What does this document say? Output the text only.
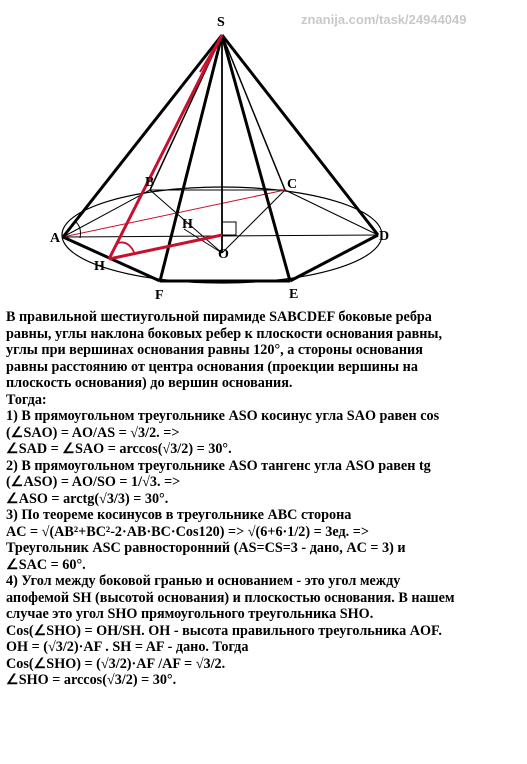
znanija.com/task/24944049
S
B	C
A	D
H
O
H
F	E

В правильной шестиугольной пирамиде SABCDEF боковые ребра

равны, углы наклона боковых ребер к плоскости основания равны,

углы при вершинах основания равны 120°, а стороны основания

равны расстоянию от центра основания (проекции вершины на

плоскость основания) до вершин основания.

Тогда:

1) В прямоугольном треугольнике ASO косинус угла SAO равен cos

(∠SAO) = AO/AS = √3/2. =>

∠SAD = ∠SAO = arccos(√3/2) = 30°.

2) В прямоугольном треугольнике ASO тангенс угла ASO равен tg

(∠ASO) = AO/SO = 1/√3. =>

∠ASO = arctg(√3/3) = 30°.

3) По теореме косинусов в треугольнике ABC сторона

AC = √(AB²+BC²-2·AB·BC·Cos120) => √(6+6·1/2) = 3ед. =>

Треугольник ASC равносторонний (AS=CS=3 - дано, AC = 3) и

∠SAC = 60°.

4) Угол между боковой гранью и основанием - это угол между

апофемой SH (высотой основания) и плоскостью основания. В нашем

случае это угол SHO прямоугольного треугольника SHO.

Cos(∠SHO) = OH/SH. OH - высота правильного треугольника AOF.

OH = (√3/2)·AF . SH = AF - дано. Тогда

Cos(∠SHO) = (√3/2)·AF /AF = √3/2.

∠SHO = arccos(√3/2) = 30°.
